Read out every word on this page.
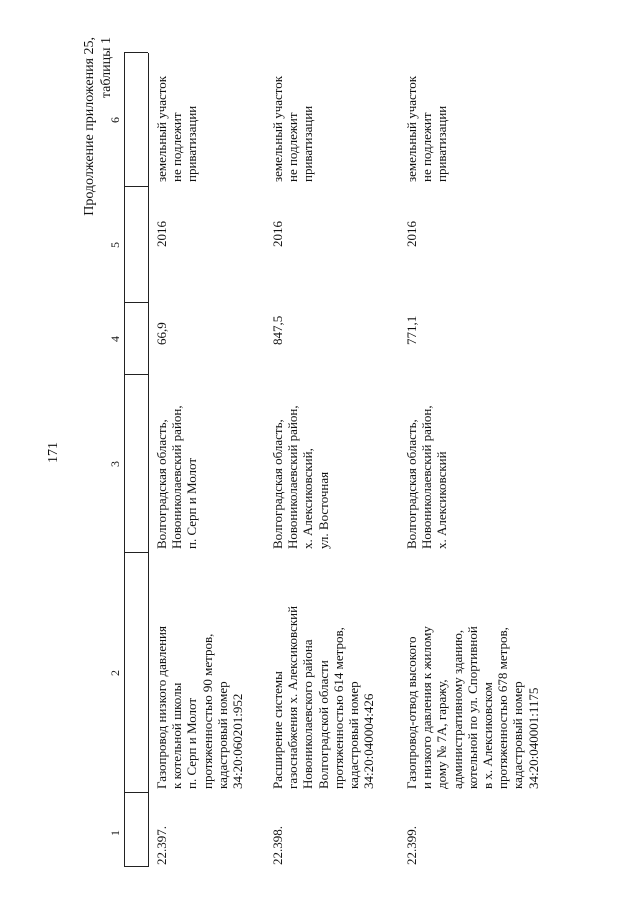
171
Продолжение приложения 25, таблицы 1
1
2
3
4
5
6
22.397.
Газопровод низкого давления
к котельной школы
п. Серп и Молот
протяженностью 90 метров,
кадастровый номер
34:20:060201:952
Волгоградская область,
Новониколаевский район,
п. Серп и Молот
66,9
2016
земельный участок
не подлежит
приватизации
22.398.
Расширение системы
газоснабжения х. Алексиковский
Новониколаевского района
Волгоградской области
протяженностью 614 метров,
кадастровый номер
34:20:040004:426
Волгоградская область,
Новониколаевский район,
х. Алексиковский,
ул. Восточная
847,5
2016
земельный участок
не подлежит
приватизации
22.399.
Газопровод-отвод высокого
и низкого давления к жилому
дому № 7А, гаражу,
административному зданию,
котельной по ул. Спортивной
в х. Алексиковском
протяженностью 678 метров,
кадастровый номер
34:20:040001:1175
Волгоградская область,
Новониколаевский район,
х. Алексиковский
771,1
2016
земельный участок
не подлежит
приватизации
